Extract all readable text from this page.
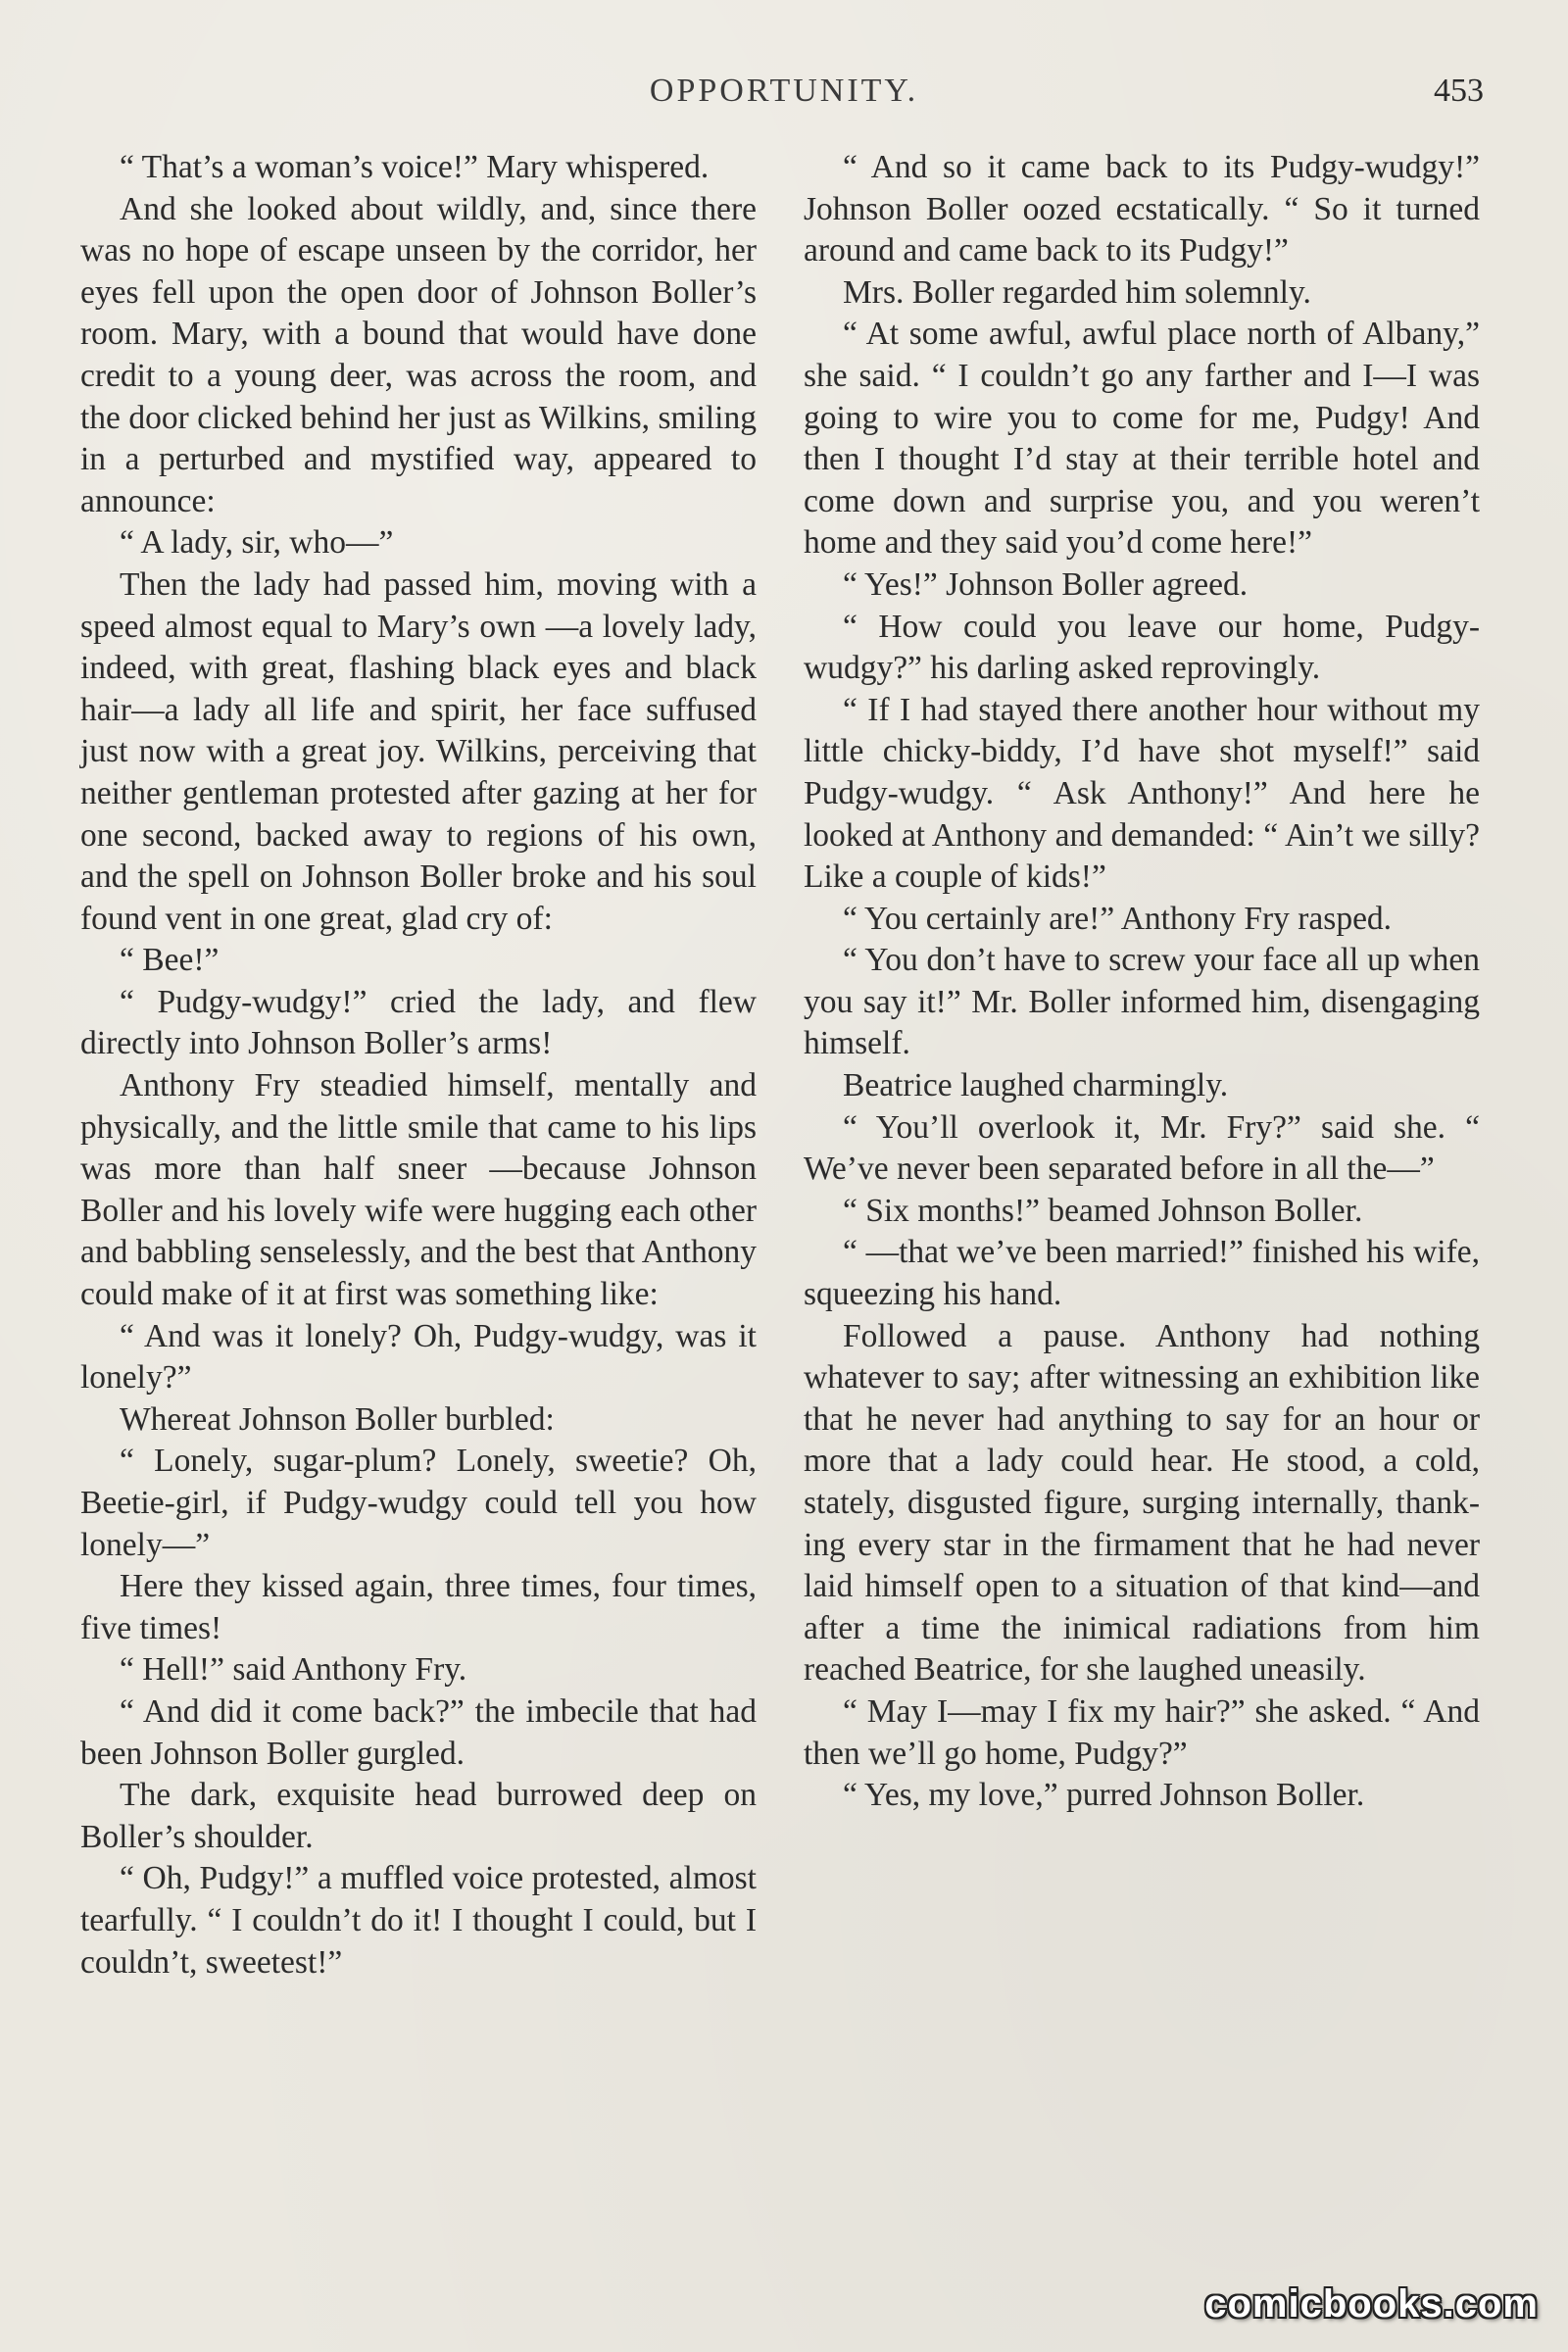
OPPORTUNITY.	453

“ That’s a woman’s voice!” Mary whispered.

And she looked about wildly, and, since there was no hope of escape unseen by the corridor, her eyes fell upon the open door of Johnson Boller’s room. Mary, with a bound that would have done credit to a young deer, was across the room, and the door clicked behind her just as Wilkins, smiling in a perturbed and mystified way, appeared to announce:

“ A lady, sir, who—”

Then the lady had passed him, moving with a speed almost equal to Mary’s own —a lovely lady, indeed, with great, flashing black eyes and black hair—a lady all life and spirit, her face suffused just now with a great joy. Wilkins, perceiving that neither gentleman protested after gazing at her for one second, backed away to regions of his own, and the spell on Johnson Boller broke and his soul found vent in one great, glad cry of:

“ Bee!”

“ Pudgy-wudgy!” cried the lady, and flew directly into Johnson Boller’s arms!

Anthony Fry steadied himself, mentally and physically, and the little smile that came to his lips was more than half sneer —because Johnson Boller and his lovely wife were hugging each other and babbling senselessly, and the best that Anthony could make of it at first was something like:

“ And was it lonely? Oh, Pudgy-wudgy, was it lonely?”

Whereat Johnson Boller burbled:

“ Lonely, sugar-plum? Lonely, sweetie? Oh, Beetie-girl, if Pudgy-wudgy could tell you how lonely—”

Here they kissed again, three times, four times, five times!

“ Hell!” said Anthony Fry.

“ And did it come back?” the imbecile that had been Johnson Boller gurgled.

The dark, exquisite head burrowed deep on Boller’s shoulder.

“ Oh, Pudgy!” a muffled voice protested, almost tearfully. “ I couldn’t do it! I thought I could, but I couldn’t, sweetest!”

“ And so it came back to its Pudgy-wudgy!” Johnson Boller oozed ecstatically. “ So it turned around and came back to its Pudgy!”

Mrs. Boller regarded him solemnly.

“ At some awful, awful place north of Albany,” she said. “ I couldn’t go any farther and I—I was going to wire you to come for me, Pudgy! And then I thought I’d stay at their terrible hotel and come down and surprise you, and you weren’t home and they said you’d come here!”

“ Yes!” Johnson Boller agreed.

“ How could you leave our home, Pudgy-wudgy?” his darling asked reprovingly.

“ If I had stayed there another hour without my little chicky-biddy, I’d have shot myself!” said Pudgy-wudgy. “ Ask Anthony!” And here he looked at Anthony and demanded: “ Ain’t we silly? Like a couple of kids!”

“ You certainly are!” Anthony Fry rasped.

“ You don’t have to screw your face all up when you say it!” Mr. Boller informed him, disengaging himself.

Beatrice laughed charmingly.

“ You’ll overlook it, Mr. Fry?” said she. “ We’ve never been separated before in all the—”

“ Six months!” beamed Johnson Boller.

“ —that we’ve been married!” finished his wife, squeezing his hand.

Followed a pause. Anthony had nothing whatever to say; after witnessing an exhibition like that he never had anything to say for an hour or more that a lady could hear. He stood, a cold, stately, disgusted figure, surging internally, thanking every star in the firmament that he had never laid himself open to a situation of that kind—and after a time the inimical radiations from him reached Beatrice, for she laughed uneasily.

“ May I—may I fix my hair?” she asked. “ And then we’ll go home, Pudgy?”

“ Yes, my love,” purred Johnson Boller.

comicbooks.com
